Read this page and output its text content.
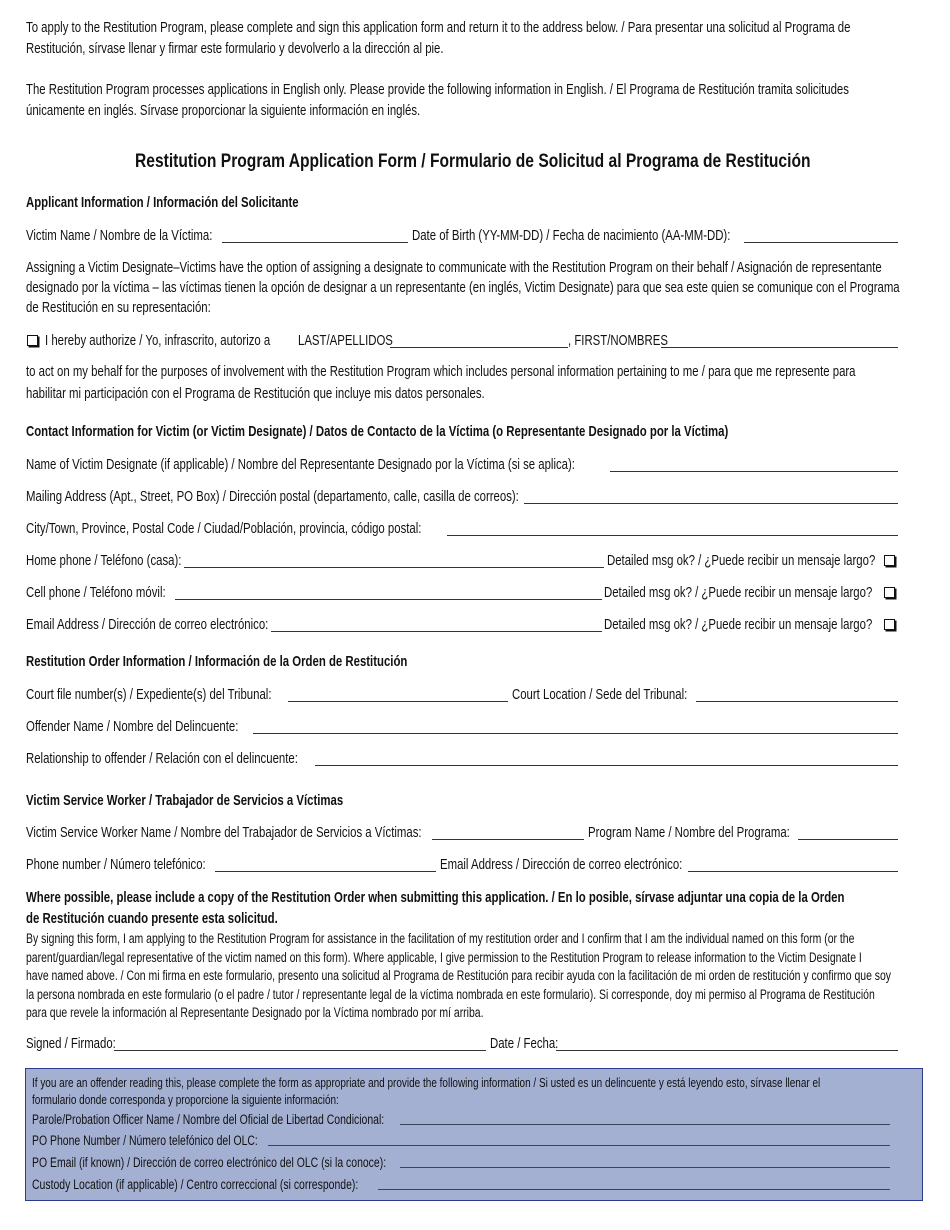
To apply to the Restitution Program, please complete and sign this application form and return it to the address below. / Para presentar una solicitud al Programa de
Restitución, sírvase llenar y firmar este formulario y devolverlo a la dirección al pie.
The Restitution Program processes applications in English only. Please provide the following information in English. / El Programa de Restitución tramita solicitudes
únicamente en inglés. Sírvase proporcionar la siguiente información en inglés.
Restitution Program Application Form / Formulario de Solicitud al Programa de Restitución
Applicant Information / Información del Solicitante
Victim Name / Nombre de la Víctima:	Date of Birth (YY-MM-DD) / Fecha de nacimiento (AA-MM-DD):
Assigning a Victim Designate–Victims have the option of assigning a designate to communicate with the Restitution Program on their behalf / Asignación de representante
designado por la víctima – las víctimas tienen la opción de designar a un representante (en inglés, Victim Designate) para que sea este quien se comunique con el Programa
de Restitución en su representación:
I hereby authorize / Yo, infrascrito, autorizo a LAST/APELLIDOS	, FIRST/NOMBRES
to act on my behalf for the purposes of involvement with the Restitution Program which includes personal information pertaining to me / para que me represente para
habilitar mi participación con el Programa de Restitución que incluye mis datos personales.
Contact Information for Victim (or Victim Designate) / Datos de Contacto de la Víctima (o Representante Designado por la Víctima)
Name of Victim Designate (if applicable) / Nombre del Representante Designado por la Víctima (si se aplica):
Mailing Address (Apt., Street, PO Box) / Dirección postal (departamento, calle, casilla de correos):
City/Town, Province, Postal Code / Ciudad/Población, provincia, código postal:
Home phone / Teléfono (casa):	Detailed msg ok? / ¿Puede recibir un mensaje largo?
Cell phone / Teléfono móvil:	Detailed msg ok? / ¿Puede recibir un mensaje largo?
Email Address / Dirección de correo electrónico:	Detailed msg ok? / ¿Puede recibir un mensaje largo?
Restitution Order Information / Información de la Orden de Restitución
Court file number(s) / Expediente(s) del Tribunal:	Court Location / Sede del Tribunal:
Offender Name / Nombre del Delincuente:
Relationship to offender / Relación con el delincuente:
Victim Service Worker / Trabajador de Servicios a Víctimas
Victim Service Worker Name / Nombre del Trabajador de Servicios a Víctimas:	Program Name / Nombre del Programa:
Phone number / Número telefónico:	Email Address / Dirección de correo electrónico:
Where possible, please include a copy of the Restitution Order when submitting this application. / En lo posible, sírvase adjuntar una copia de la Orden
de Restitución cuando presente esta solicitud.
By signing this form, I am applying to the Restitution Program for assistance in the facilitation of my restitution order and I confirm that I am the individual named on this form (or the
parent/guardian/legal representative of the victim named on this form). Where applicable, I give permission to the Restitution Program to release information to the Victim Designate I
have named above. / Con mi firma en este formulario, presento una solicitud al Programa de Restitución para recibir ayuda con la facilitación de mi orden de restitución y confirmo que soy
la persona nombrada en este formulario (o el padre / tutor / representante legal de la víctima nombrada en este formulario). Si corresponde, doy mi permiso al Programa de Restitución
para que revele la información al Representante Designado por la Víctima nombrado por mí arriba.
Signed / Firmado:	Date / Fecha:
If you are an offender reading this, please complete the form as appropriate and provide the following information / Si usted es un delincuente y está leyendo esto, sírvase llenar el
formulario donde corresponda y proporcione la siguiente información:
Parole/Probation Officer Name / Nombre del Oficial de Libertad Condicional:
PO Phone Number / Número telefónico del OLC:
PO Email (if known) / Dirección de correo electrónico del OLC (si la conoce):
Custody Location (if applicable) / Centro correccional (si corresponde):
